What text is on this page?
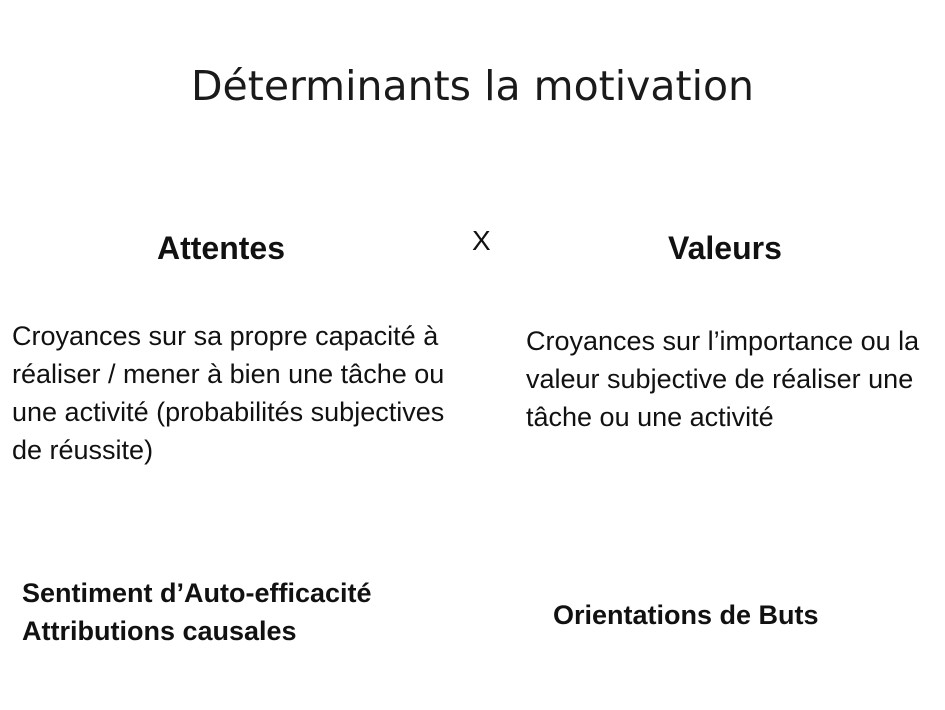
Déterminants la motivation
Attentes	X	Valeurs

Croyances sur sa propre capacité à réaliser / mener à bien une tâche ou une activité (probabilités subjectives de réussite)

Croyances sur l’importance ou la valeur subjective de réaliser une tâche ou une activité

Sentiment d’Auto-efficacité
Attributions causales
Orientations de Buts
